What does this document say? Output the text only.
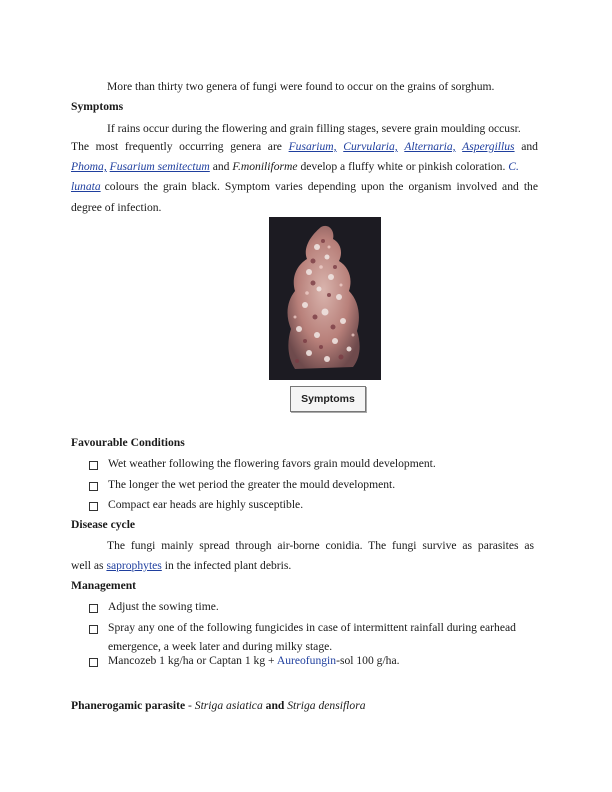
More than thirty two genera of fungi were found to occur on the grains of sorghum.
Symptoms
If rains occur during the flowering and grain filling stages, severe grain moulding occusr.
The most frequently occurring genera are Fusarium, Curvularia, Alternaria, Aspergillus and
Phoma, Fusarium semitectum and F.moniliforme develop a fluffy white or pinkish coloration. C.
lunata colours the grain black. Symptom varies depending upon the organism involved and the
degree of infection.
Symptoms
Favourable Conditions
Wet weather following the flowering favors grain mould development.
The longer the wet period the greater the mould development.
Compact ear heads are highly susceptible.
Disease cycle
The fungi mainly spread through air-borne conidia. The fungi survive as parasites as
well as saprophytes in the infected plant debris.
Management
Adjust the sowing time.
Spray any one of the following fungicides in case of intermittent rainfall during earhead
emergence, a week later and during milky stage.
Mancozeb 1 kg/ha or Captan 1 kg + Aureofungin-sol 100 g/ha.
Phanerogamic parasite - Striga asiatica and Striga densiflora
